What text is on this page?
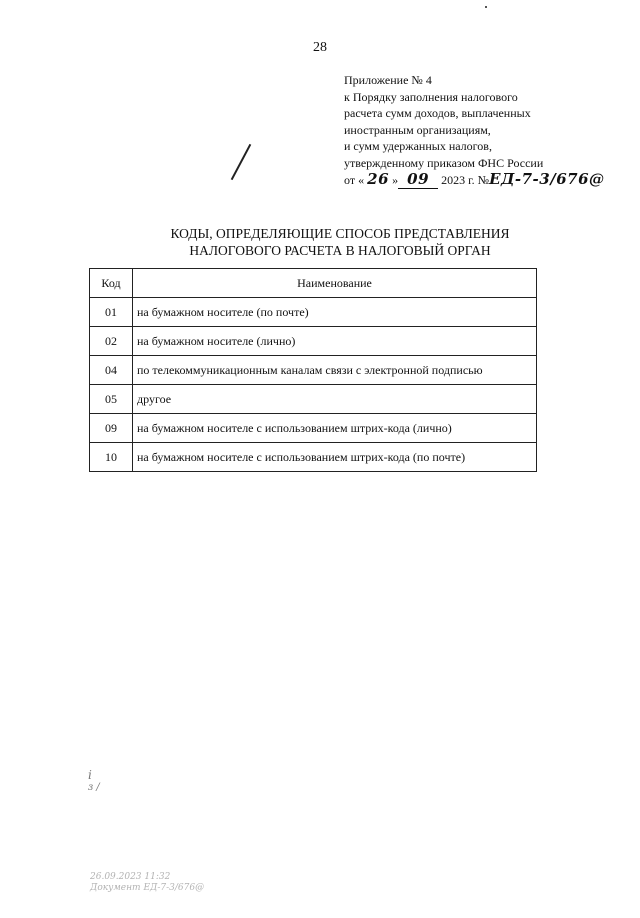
28
Приложение № 4
к Порядку заполнения налогового
расчета сумм доходов, выплаченных
иностранным организациям,
и сумм удержанных налогов,
утвержденному приказом ФНС России
от « 26 » 09 2023 г. №ЕД-7-3/676@
КОДЫ, ОПРЕДЕЛЯЮЩИЕ СПОСОБ ПРЕДСТАВЛЕНИЯ
НАЛОГОВОГО РАСЧЕТА В НАЛОГОВЫЙ ОРГАН
Код	Наименование
01	на бумажном носителе (по почте)
02	на бумажном носителе (лично)
04	по телекоммуникационным каналам связи с электронной подписью
05	другое
09	на бумажном носителе с использованием штрих-кода (лично)
10	на бумажном носителе с использованием штрих-кода (по почте)
i
ɜ /
26.09.2023 11:32
Документ ЕД-7-3/676@
